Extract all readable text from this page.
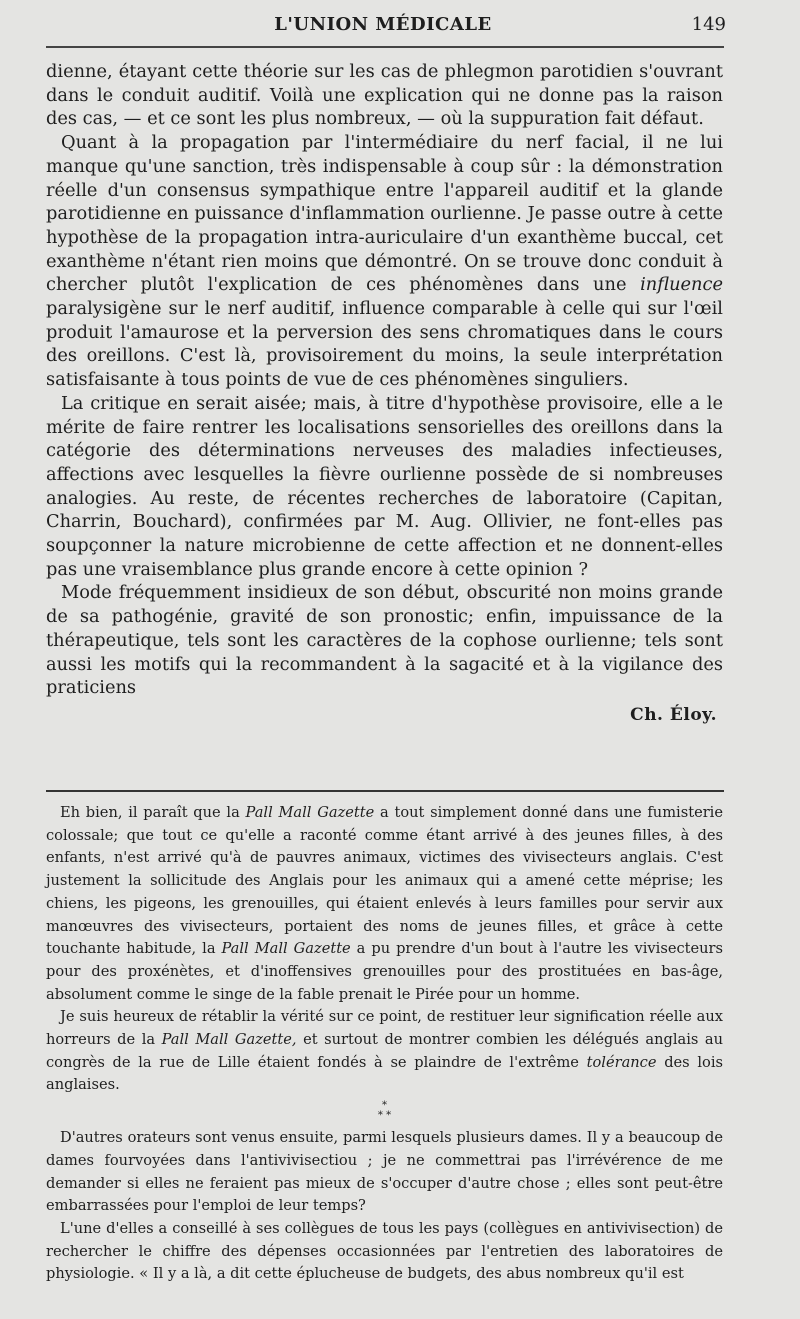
L'UNION MÉDICALE	149

dienne, étayant cette théorie sur les cas de phlegmon parotidien s'ouvrant dans le conduit auditif. Voilà une explication qui ne donne pas la raison des cas, — et ce sont les plus nombreux, — où la suppuration fait défaut.

Quant à la propagation par l'intermédiaire du nerf facial, il ne lui manque qu'une sanction, très indispensable à coup sûr : la démonstration réelle d'un consensus sympathique entre l'appareil auditif et la glande parotidienne en puissance d'inflammation ourlienne. Je passe outre à cette hypothèse de la propagation intra-auriculaire d'un exanthème buccal, cet exanthème n'étant rien moins que démontré. On se trouve donc conduit à chercher plutôt l'explication de ces phénomènes dans une influence paralysigène sur le nerf auditif, influence comparable à celle qui sur l'œil produit l'amaurose et la perversion des sens chromatiques dans le cours des oreillons. C'est là, provisoirement du moins, la seule interprétation satisfaisante à tous points de vue de ces phénomènes singuliers.

La critique en serait aisée; mais, à titre d'hypothèse provisoire, elle a le mérite de faire rentrer les localisations sensorielles des oreillons dans la catégorie des déterminations nerveuses des maladies infectieuses, affections avec lesquelles la fièvre ourlienne possède de si nombreuses analogies. Au reste, de récentes recherches de laboratoire (Capitan, Charrin, Bouchard), confirmées par M. Aug. Ollivier, ne font-elles pas soupçonner la nature microbienne de cette affection et ne donnent-elles pas une vraisemblance plus grande encore à cette opinion ?

Mode fréquemment insidieux de son début, obscurité non moins grande de sa pathogénie, gravité de son pronostic; enfin, impuissance de la thérapeutique, tels sont les caractères de la cophose ourlienne; tels sont aussi les motifs qui la recommandent à la sagacité et à la vigilance des praticiens

Ch. Éloy.

Eh bien, il paraît que la Pall Mall Gazette a tout simplement donné dans une fumisterie colossale; que tout ce qu'elle a raconté comme étant arrivé à des jeunes filles, à des enfants, n'est arrivé qu'à de pauvres animaux, victimes des vivisecteurs anglais. C'est justement la sollicitude des Anglais pour les animaux qui a amené cette méprise; les chiens, les pigeons, les grenouilles, qui étaient enlevés à leurs familles pour servir aux manœuvres des vivisecteurs, portaient des noms de jeunes filles, et grâce à cette touchante habitude, la Pall Mall Gazette a pu prendre d'un bout à l'autre les vivisecteurs pour des proxénètes, et d'inoffensives grenouilles pour des prostituées en bas-âge, absolument comme le singe de la fable prenait le Pirée pour un homme.

Je suis heureux de rétablir la vérité sur ce point, de restituer leur signification réelle aux horreurs de la Pall Mall Gazette, et surtout de montrer combien les délégués anglais au congrès de la rue de Lille étaient fondés à se plaindre de l'extrême tolérance des lois anglaises.

*
* *

D'autres orateurs sont venus ensuite, parmi lesquels plusieurs dames. Il y a beaucoup de dames fourvoyées dans l'antivivisectiou ; je ne commettrai pas l'irrévérence de me demander si elles ne feraient pas mieux de s'occuper d'autre chose ; elles sont peut-être embarrassées pour l'emploi de leur temps?

L'une d'elles a conseillé à ses collègues de tous les pays (collègues en antivivisection) de rechercher le chiffre des dépenses occasionnées par l'entretien des laboratoires de physiologie. « Il y a là, a dit cette éplucheuse de budgets, des abus nombreux qu'il est
